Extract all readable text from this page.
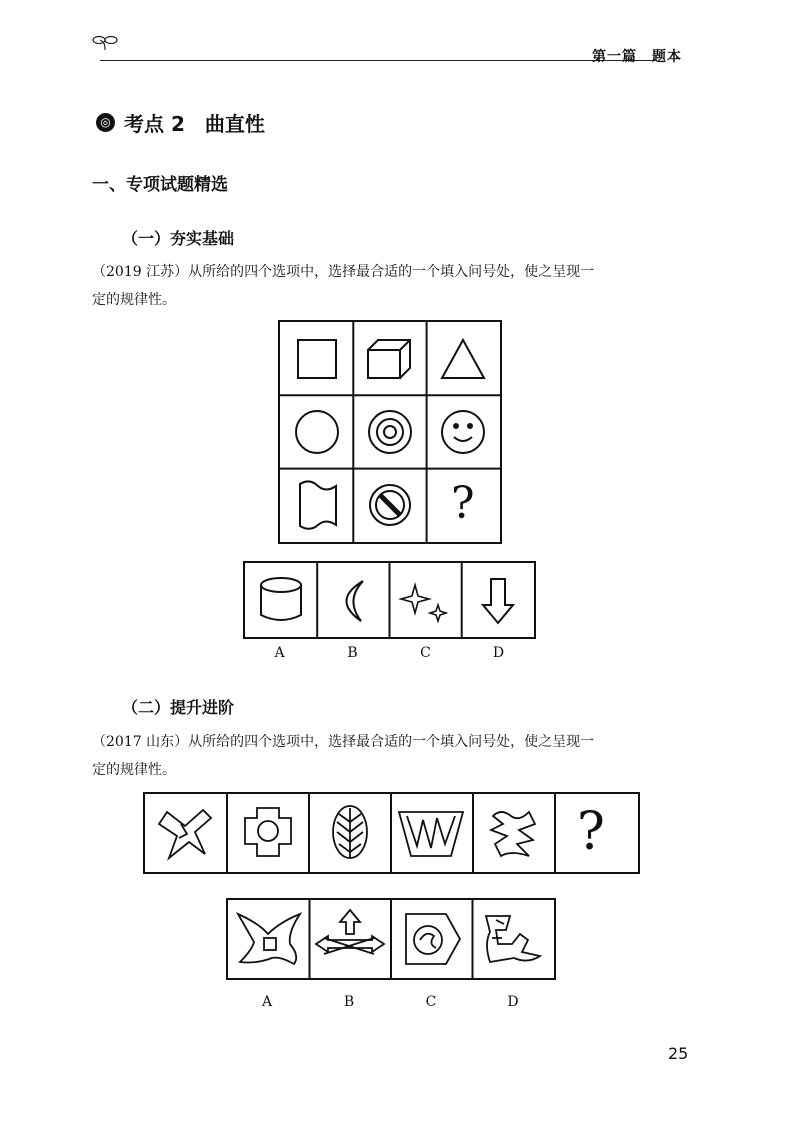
第一篇　题本
◎ 考点 2　曲直性
一、专项试题精选
（一）夯实基础
（2019 江苏）从所给的四个选项中，选择最合适的一个填入问号处，使之呈现一
定的规律性。
?
A	B	C	D
（二）提升进阶
（2017 山东）从所给的四个选项中，选择最合适的一个填入问号处，使之呈现一
定的规律性。
?
A	B	C	D
25
